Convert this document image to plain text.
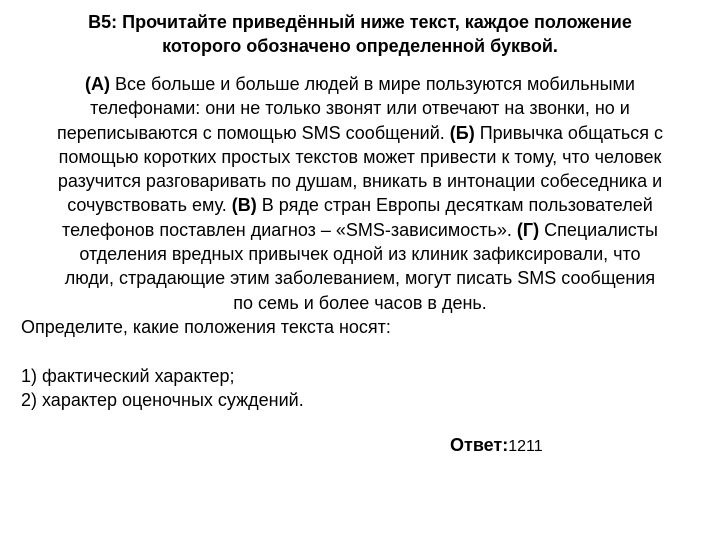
В5: Прочитайте приведённый ниже текст, каждое положение
которого обозначено определенной буквой.
(А) Все больше и больше людей в мире пользуются мобильными
телефонами: они не только звонят или отвечают на звонки, но и
переписываются с помощью SMS сообщений. (Б) Привычка общаться с
помощью коротких простых текстов может привести к тому, что человек
разучится разговаривать по душам, вникать в интонации собеседника и
сочувствовать ему. (В) В ряде стран Европы десяткам пользователей
телефонов поставлен диагноз – «SMS-зависимость». (Г) Специалисты
отделения вредных привычек одной из клиник зафиксировали, что
люди, страдающие этим заболеванием, могут писать SMS сообщения
по семь и более часов в день.
Определите, какие положения текста носят:
1) фактический характер;
2) характер оценочных суждений.
Ответ:1211
